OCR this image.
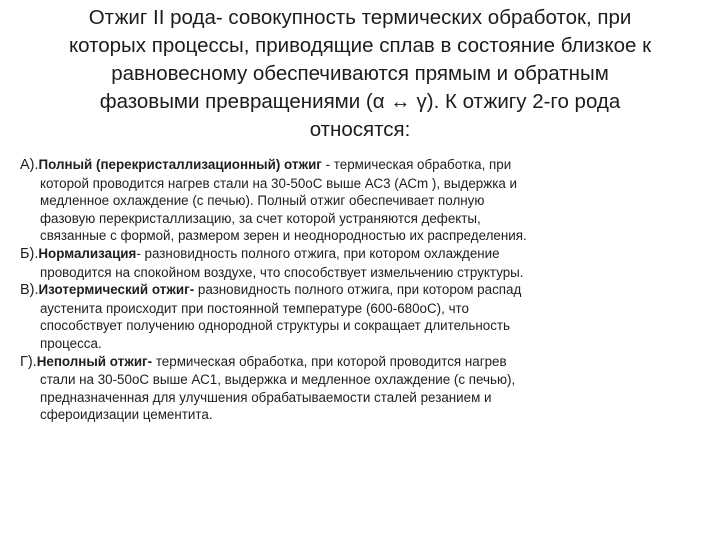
Отжиг II рода- совокупность термических обработок, при
которых процессы, приводящие сплав в состояние близкое к
равновесному обеспечиваются прямым и обратным
фазовыми превращениями (α ↔ γ). К отжигу 2-го рода
относятся:
А).Полный (перекристаллизационный) отжиг - термическая обработка, при
которой проводится нагрев стали на 30-50оС выше АС3 (АСm ), выдержка и
медленное охлаждение (с печью). Полный отжиг обеспечивает полную
фазовую перекристаллизацию, за счет которой устраняются дефекты,
связанные с формой, размером зерен и неоднородностью их распределения.
Б).Нормализация- разновидность полного отжига, при котором охлаждение
проводится на спокойном воздухе, что способствует измельчению структуры.
В).Изотермический отжиг- разновидность полного отжига, при котором распад
аустенита происходит при постоянной температуре (600-680оС), что
способствует получению однородной структуры и сокращает длительность
процесса.
Г).Неполный отжиг- термическая обработка, при которой проводится нагрев
стали на 30-50оС выше АС1, выдержка и медленное охлаждение (с печью),
предназначенная для улучшения обрабатываемости сталей резанием и
сфероидизации цементита.
